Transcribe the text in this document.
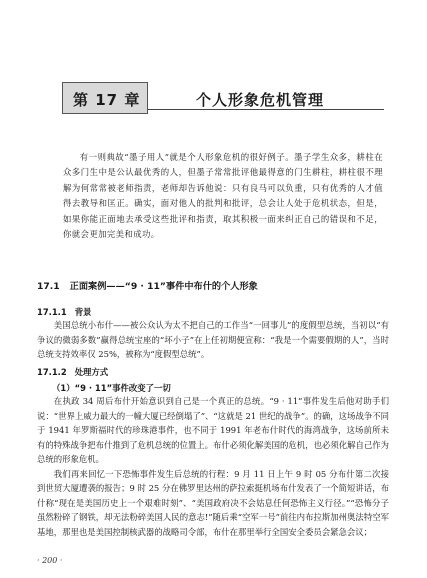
第 17 章	个人形象危机管理

有一则典故“墨子用人”就是个人形象危机的很好例子。墨子学生众多，耕柱在众多门生中是公认最优秀的人，但墨子常常批评他最得意的门生耕柱，耕柱很不理解为何常常被老师指责，老师却告诉他说：只有良马可以负重，只有优秀的人才值得去教导和匡正。确实，面对他人的批判和批评，总会让人处于危机状态，但是，如果你能正面地去承受这些批评和指责，取其积极一面来纠正自己的错误和不足，你就会更加完美和成功。

17.1 正面案例——“9 · 11”事件中布什的个人形象
17.1.1 背景

美国总统小布什——被公众认为太不把自己的工作当“一回事儿”的度假型总统，当初以“有争议的微弱多数”赢得总统宝座的“坏小子”在上任初期便宣称：“我是一个需要假期的人”，当时总统支持效率仅 25%，被称为“度假型总统”。

17.1.2 处理方式
（1）“9 · 11”事件改变了一切

在执政 34 周后布什开始意识到自己是一个真正的总统。“9 · 11”事件发生后他对助手们说：“世界上威力最大的一幢大厦已经倒塌了”、“这就是 21 世纪的战争”。的确，这场战争不同于 1941 年罗斯福时代的珍珠港事件，也不同于 1991 年老布什时代的海湾战争，这场前所未有的特殊战争把布什推到了危机总统的位置上。布什必须化解美国的危机，也必须化解自己作为总统的形象危机。

我们再来回忆一下恐怖事件发生后总统的行程：9 月 11 日上午 9 时 05 分布什第二次接到世贸大厦遭袭的报告；9 时 25 分在佛罗里达州的萨拉索挺机场布什发表了一个简短讲话，布什称“现在是美国历史上一个艰难时刻”、“美国政府决不会姑息任何恐怖主义行径。”“恐怖分子虽然粉碎了钢铁，却无法粉碎美国人民的意志!”随后乘“空军一号”前往内布拉斯加州奥法特空军基地，那里也是美国控制核武器的战略司令部，布什在那里举行全国安全委员会紧急会议；

· 200 ·
